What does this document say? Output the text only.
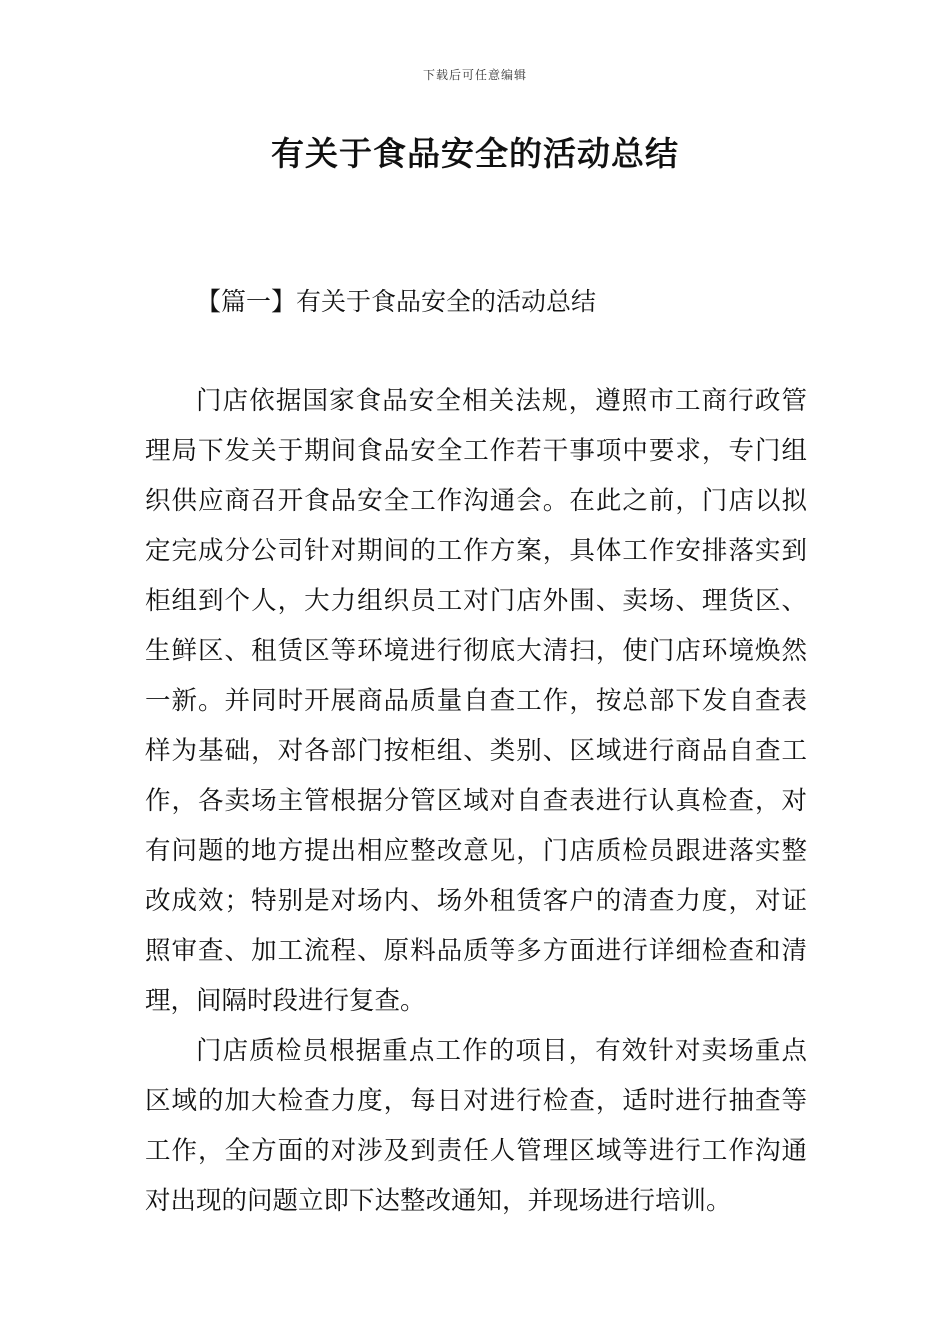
下载后可任意编辑
有关于食品安全的活动总结
【篇一】有关于食品安全的活动总结

门店依据国家食品安全相关法规，遵照市工商行政管理局下发关于期间食品安全工作若干事项中要求，专门组织供应商召开食品安全工作沟通会。在此之前，门店以拟定完成分公司针对期间的工作方案，具体工作安排落实到柜组到个人，大力组织员工对门店外围、卖场、理货区、生鲜区、租赁区等环境进行彻底大清扫，使门店环境焕然一新。并同时开展商品质量自查工作，按总部下发自查表样为基础，对各部门按柜组、类别、区域进行商品自查工作，各卖场主管根据分管区域对自查表进行认真检查，对有问题的地方提出相应整改意见，门店质检员跟进落实整改成效；特别是对场内、场外租赁客户的清查力度，对证照审查、加工流程、原料品质等多方面进行详细检查和清理，间隔时段进行复查。

门店质检员根据重点工作的项目，有效针对卖场重点区域的加大检查力度，每日对进行检查，适时进行抽查等工作，全方面的对涉及到责任人管理区域等进行工作沟通对出现的问题立即下达整改通知，并现场进行培训。
